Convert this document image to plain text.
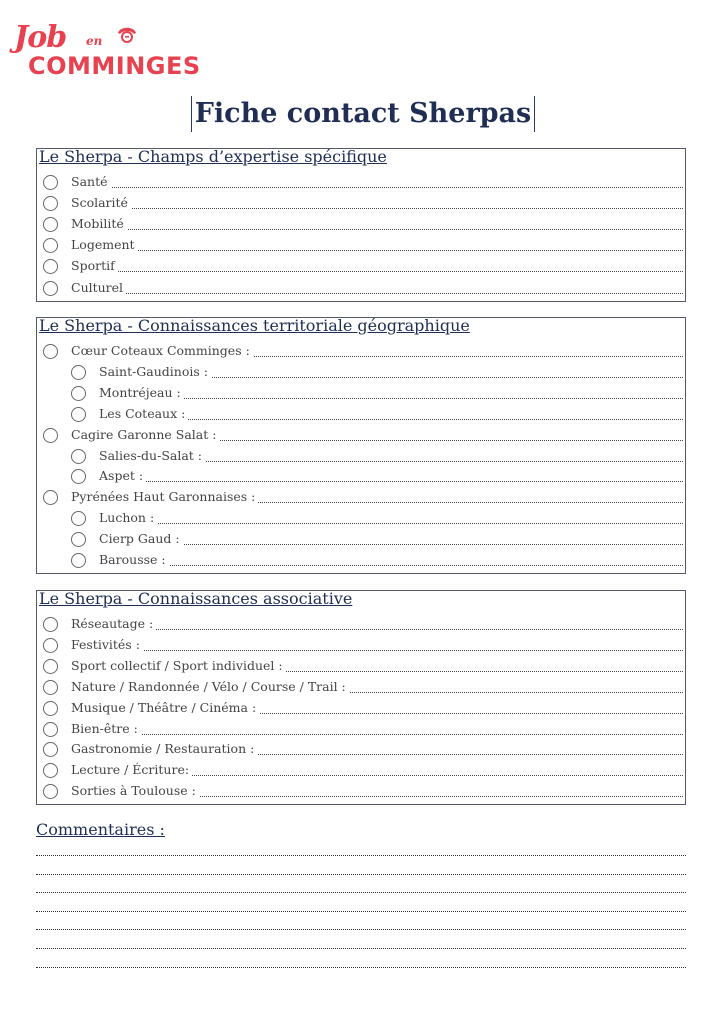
Job en
COMMINGES
Fiche contact Sherpas
Le Sherpa - Champs d’expertise spécifique
Santé
Scolarité
Mobilité
Logement
Sportif
Culturel
Le Sherpa - Connaissances territoriale géographique
Cœur Coteaux Comminges :
Saint-Gaudinois :
Montréjeau :
Les Coteaux :
Cagire Garonne Salat :
Salies-du-Salat :
Aspet :
Pyrénées Haut Garonnaises :
Luchon :
Cierp Gaud :
Barousse :
Le Sherpa - Connaissances associative
Réseautage :
Festivités :
Sport collectif / Sport individuel :
Nature / Randonnée / Vélo / Course / Trail :
Musique / Théâtre / Cinéma :
Bien-être :
Gastronomie / Restauration :
Lecture / Écriture:
Sorties à Toulouse :
Commentaires :
